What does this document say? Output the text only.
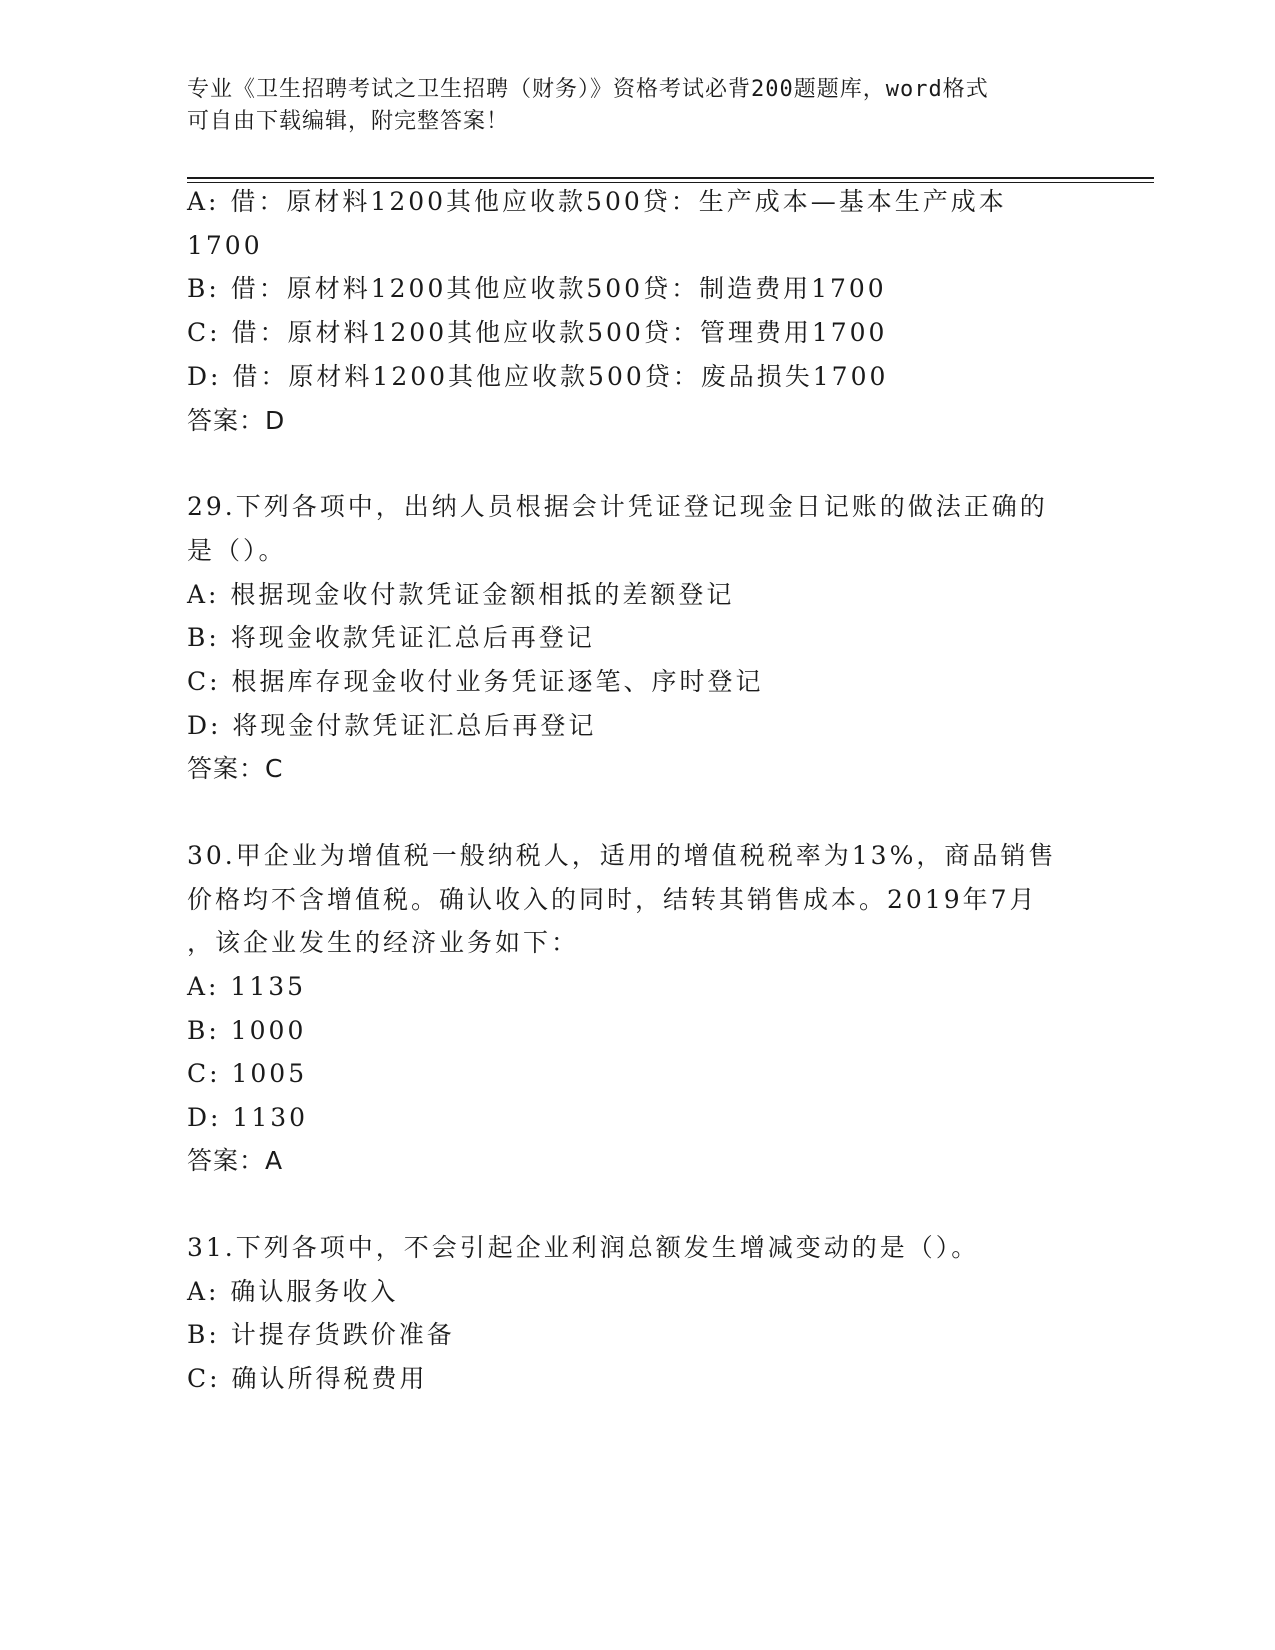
专业《卫生招聘考试之卫生招聘（财务）》资格考试必背200题题库，word格式
可自由下载编辑，附完整答案！
A: 借：原材料1200其他应收款500贷：生产成本—基本生产成本
1700
B: 借：原材料1200其他应收款500贷：制造费用1700
C: 借：原材料1200其他应收款500贷：管理费用1700
D: 借：原材料1200其他应收款500贷：废品损失1700
答案：D
29.下列各项中，出纳人员根据会计凭证登记现金日记账的做法正确的
是（）。
A: 根据现金收付款凭证金额相抵的差额登记
B: 将现金收款凭证汇总后再登记
C: 根据库存现金收付业务凭证逐笔、序时登记
D: 将现金付款凭证汇总后再登记
答案：C
30.甲企业为增值税一般纳税人，适用的增值税税率为13%，商品销售
价格均不含增值税。确认收入的同时，结转其销售成本。2019年7月
，该企业发生的经济业务如下：
A: 1135
B: 1000
C: 1005
D: 1130
答案：A
31.下列各项中，不会引起企业利润总额发生增减变动的是（）。
A: 确认服务收入
B: 计提存货跌价准备
C: 确认所得税费用
